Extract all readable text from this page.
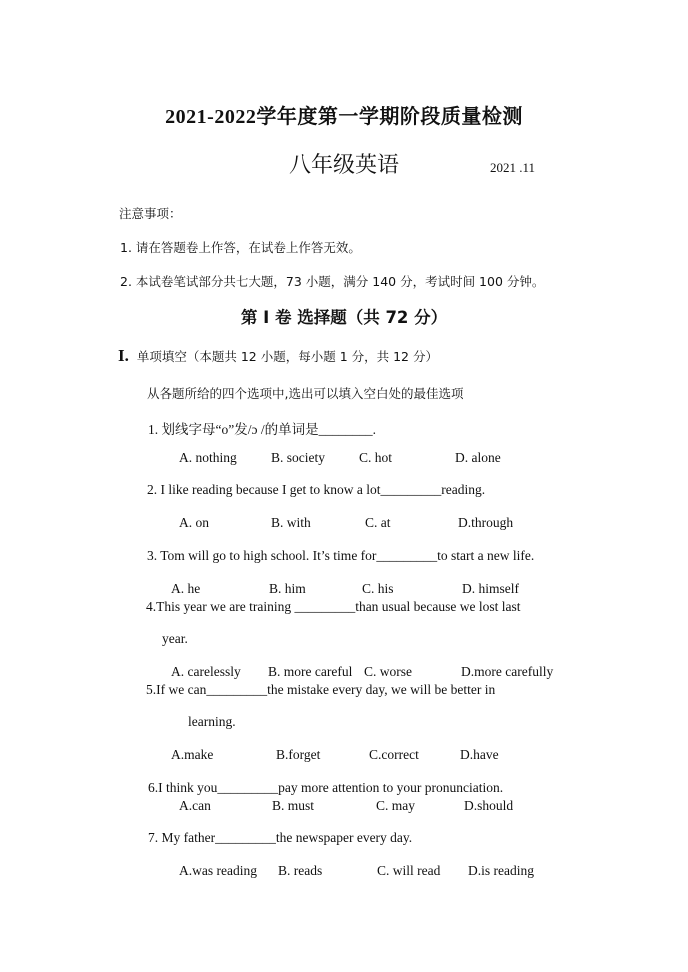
2021-2022学年度第一学期阶段质量检测
八年级英语	2021 .11
注意事项：
1. 请在答题卷上作答，在试卷上作答无效。
2. 本试卷笔试部分共七大题，73 小题，满分 140 分，考试时间 100 分钟。
第 I 卷 选择题（共 72 分）
I. 单项填空（本题共 12 小题，每小题 1 分，共 12 分）
从各题所给的四个选项中,选出可以填入空白处的最佳选项
1. 划线字母“o”发/ɔ /的单词是________.
A. nothing	B. society	C. hot	D. alone
2. I like reading because I get to know a lot_________reading.
A. on	B. with	C. at	D.through
3. Tom will go to high school. It’s time for_________to start a new life.
A. he	B. him	C. his	D. himself
4.This year we are training _________than usual because we lost last
year.
A. carelessly B. more careful C. worse	D.more carefully
5.If we can_________the mistake every day, we will be better in
learning.
A.make	B.forget	C.correct	D.have
6.I think you_________pay more attention to your pronunciation.
A.can	B. must	C. may	D.should
7. My father_________the newspaper every day.
A.was reading B. reads	C. will read D.is reading
